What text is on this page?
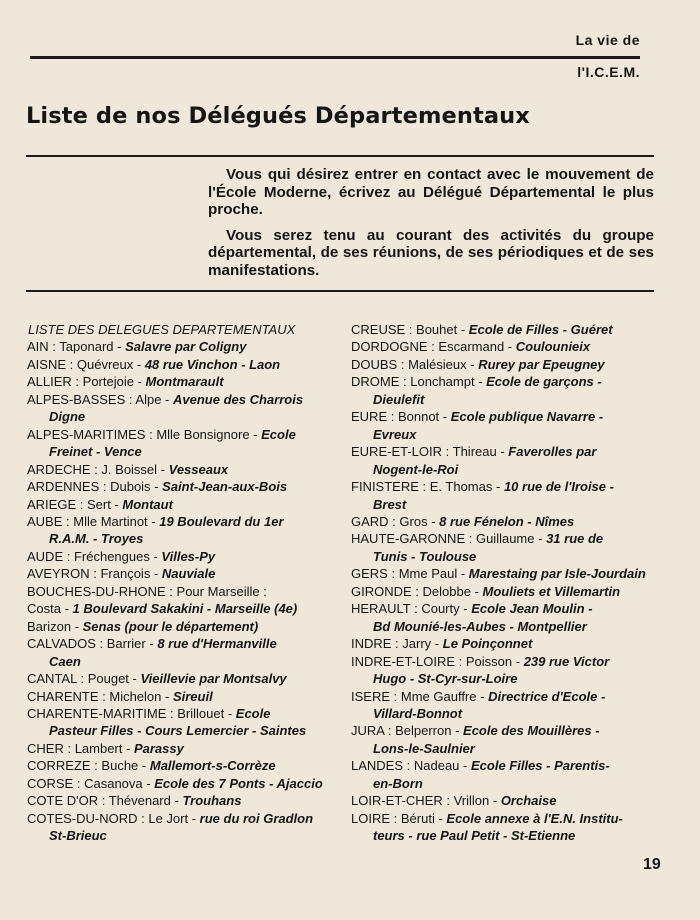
La vie de
l'I.C.E.M.
Liste de nos Délégués Départementaux

Vous qui désirez entrer en contact avec le mouvement de l'École Moderne, écrivez au Délégué Départemental le plus proche.

Vous serez tenu au courant des activités du groupe départemental, de ses réunions, de ses périodiques et de ses manifestations.

LISTE DES DELEGUES DEPARTEMENTAUX
AIN : Taponard - Salavre par Coligny
AISNE : Quévreux - 48 rue Vinchon - Laon
ALLIER : Portejoie - Montmarault
ALPES-BASSES : Alpe - Avenue des Charrois
Digne
ALPES-MARITIMES : Mlle Bonsignore - Ecole
Freinet - Vence
ARDECHE : J. Boissel - Vesseaux
ARDENNES : Dubois - Saint-Jean-aux-Bois
ARIEGE : Sert - Montaut
AUBE : Mlle Martinot - 19 Boulevard du 1er
R.A.M. - Troyes
AUDE : Fréchengues - Villes-Py
AVEYRON : François - Nauviale
BOUCHES-DU-RHONE : Pour Marseille :
Costa - 1 Boulevard Sakakini - Marseille (4e)
Barizon - Senas (pour le département)
CALVADOS : Barrier - 8 rue d'Hermanville
Caen
CANTAL : Pouget - Vieillevie par Montsalvy
CHARENTE : Michelon - Sireuil
CHARENTE-MARITIME : Brillouet - Ecole
Pasteur Filles - Cours Lemercier - Saintes
CHER : Lambert - Parassy
CORREZE : Buche - Mallemort-s-Corrèze
CORSE : Casanova - Ecole des 7 Ponts - Ajaccio
COTE D'OR : Thévenard - Trouhans
COTES-DU-NORD : Le Jort - rue du roi Gradlon
St-Brieuc
CREUSE : Bouhet - Ecole de Filles - Guéret
DORDOGNE : Escarmand - Coulounieix
DOUBS : Malésieux - Rurey par Epeugney
DROME : Lonchampt - Ecole de garçons -
Dieulefit
EURE : Bonnot - Ecole publique Navarre -
Evreux
EURE-ET-LOIR : Thireau - Faverolles par
Nogent-le-Roi
FINISTERE : E. Thomas - 10 rue de l'Iroise -
Brest
GARD : Gros - 8 rue Fénelon - Nîmes
HAUTE-GARONNE : Guillaume - 31 rue de
Tunis - Toulouse
GERS : Mme Paul - Marestaing par Isle-Jourdain
GIRONDE : Delobbe - Mouliets et Villemartin
HERAULT : Courty - Ecole Jean Moulin -
Bd Mounié-les-Aubes - Montpellier
INDRE : Jarry - Le Poinçonnet
INDRE-ET-LOIRE : Poisson - 239 rue Victor
Hugo - St-Cyr-sur-Loire
ISERE : Mme Gauffre - Directrice d'Ecole -
Villard-Bonnot
JURA : Belperron - Ecole des Mouillères -
Lons-le-Saulnier
LANDES : Nadeau - Ecole Filles - Parentis-
en-Born
LOIR-ET-CHER : Vrillon - Orchaise
LOIRE : Béruti - Ecole annexe à l'E.N. Institu-
teurs - rue Paul Petit - St-Etienne
19
